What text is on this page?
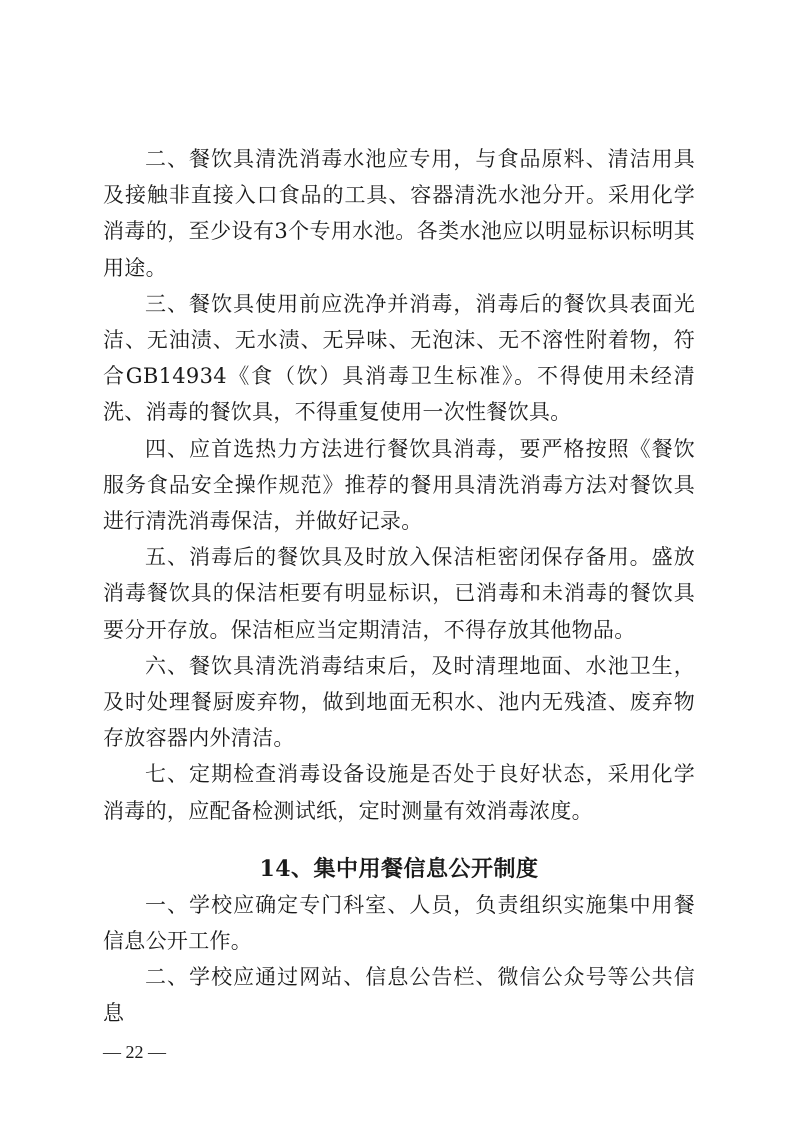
二、餐饮具清洗消毒水池应专用，与食品原料、清洁用具及接触非直接入口食品的工具、容器清洗水池分开。采用化学消毒的，至少设有3个专用水池。各类水池应以明显标识标明其用途。

三、餐饮具使用前应洗净并消毒，消毒后的餐饮具表面光洁、无油渍、无水渍、无异味、无泡沫、无不溶性附着物，符合GB14934《食（饮）具消毒卫生标准》。不得使用未经清洗、消毒的餐饮具，不得重复使用一次性餐饮具。

四、应首选热力方法进行餐饮具消毒，要严格按照《餐饮服务食品安全操作规范》推荐的餐用具清洗消毒方法对餐饮具进行清洗消毒保洁，并做好记录。

五、消毒后的餐饮具及时放入保洁柜密闭保存备用。盛放消毒餐饮具的保洁柜要有明显标识，已消毒和未消毒的餐饮具要分开存放。保洁柜应当定期清洁，不得存放其他物品。

六、餐饮具清洗消毒结束后，及时清理地面、水池卫生，及时处理餐厨废弃物，做到地面无积水、池内无残渣、废弃物存放容器内外清洁。

七、定期检查消毒设备设施是否处于良好状态，采用化学消毒的，应配备检测试纸，定时测量有效消毒浓度。

14、集中用餐信息公开制度

一、学校应确定专门科室、人员，负责组织实施集中用餐信息公开工作。

二、学校应通过网站、信息公告栏、微信公众号等公共信息

— 22 —
